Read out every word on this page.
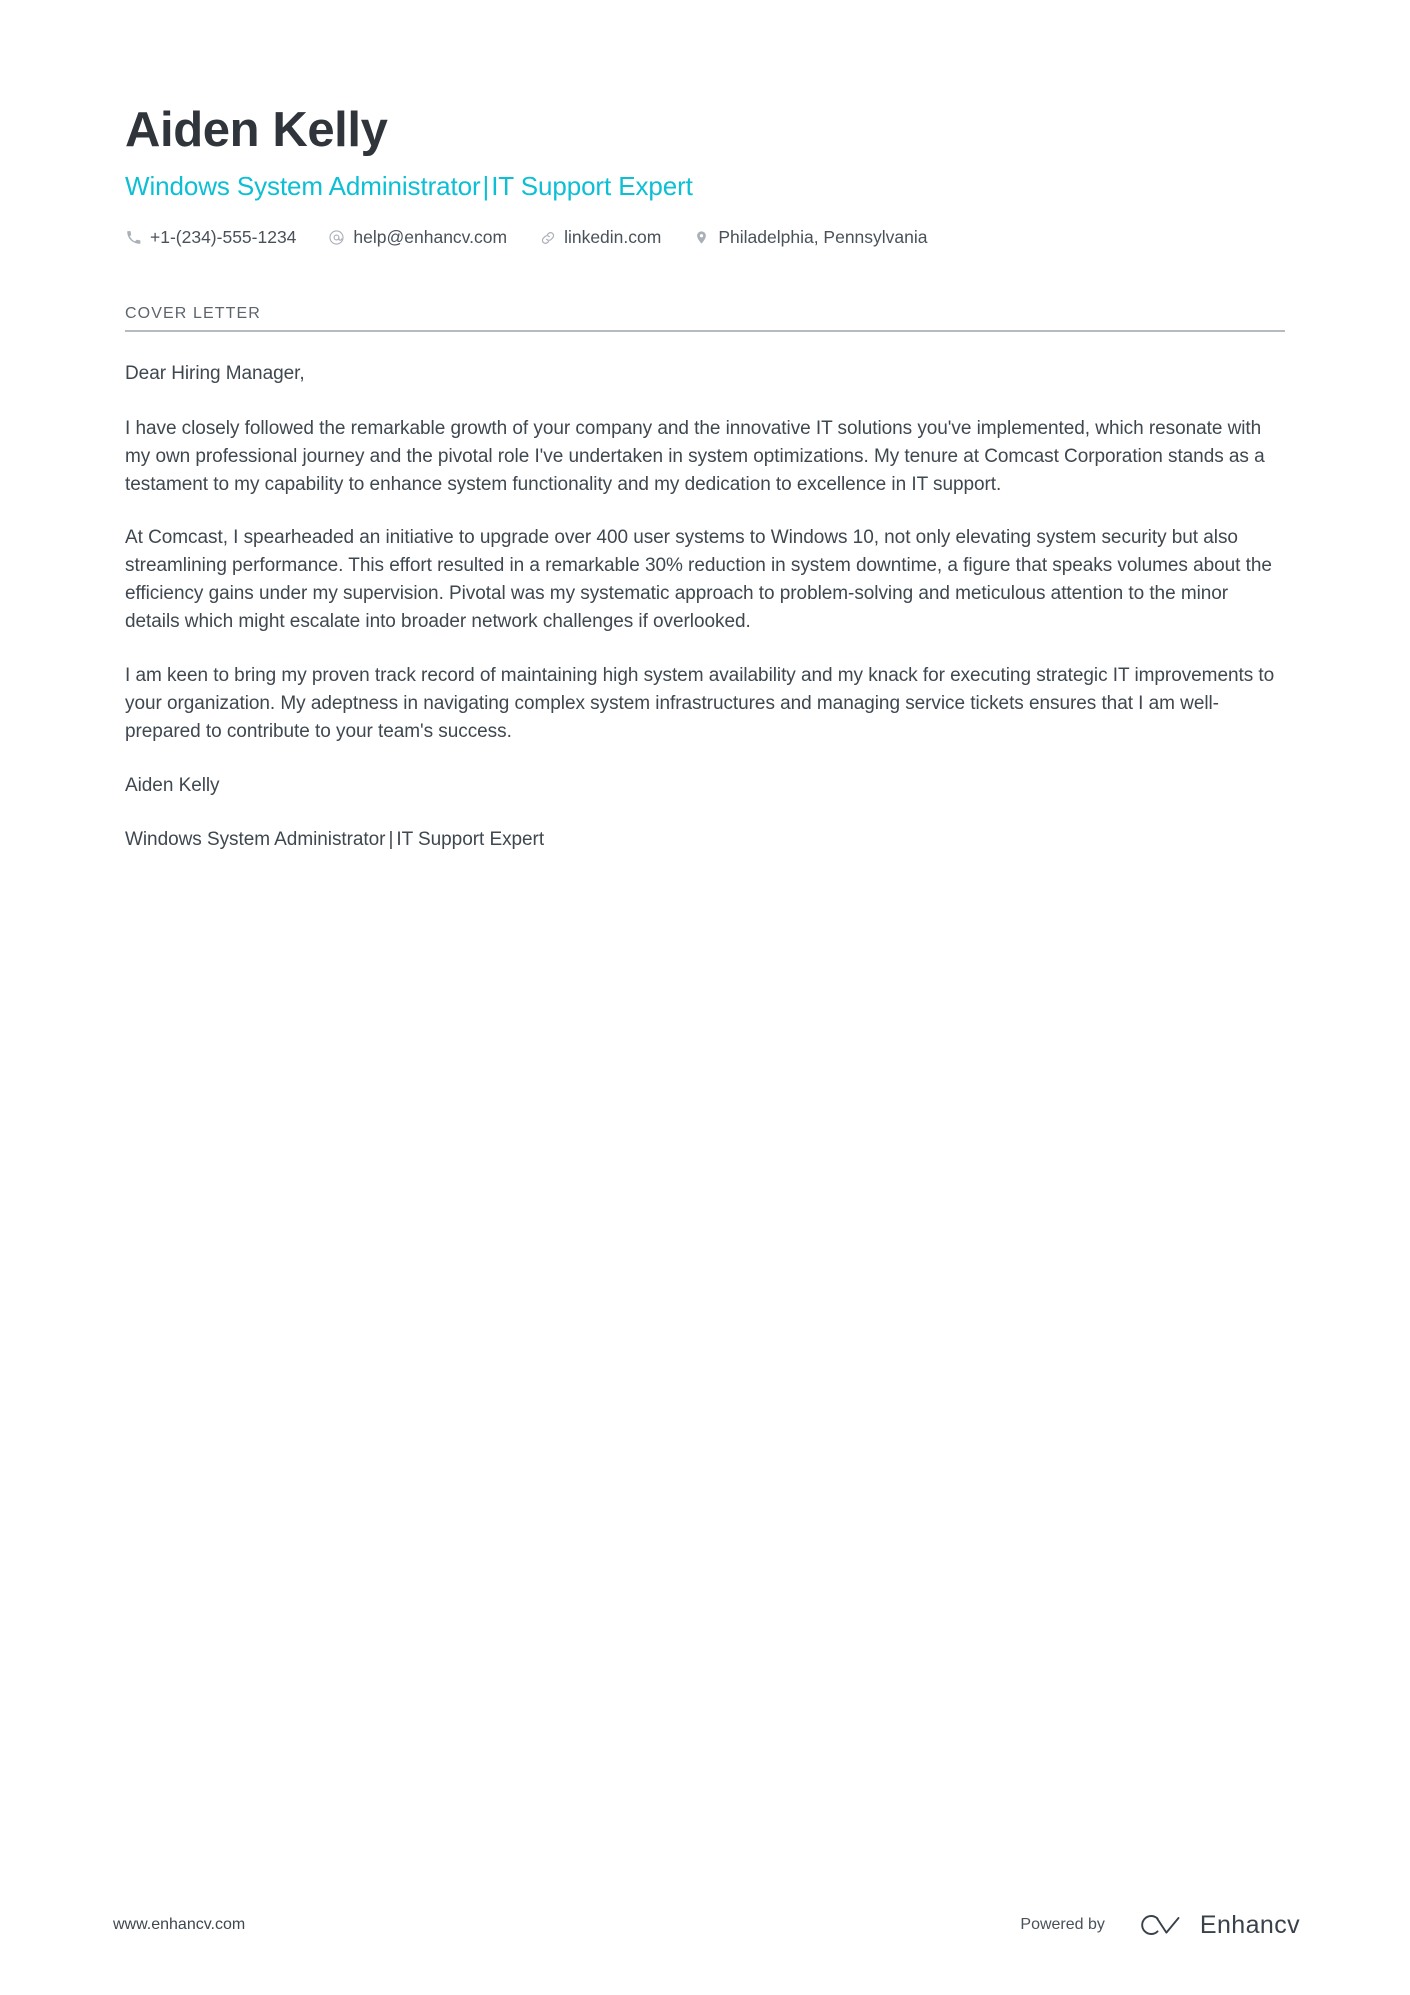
Aiden Kelly
Windows System Administrator|IT Support Expert
+1-(234)-555-1234	help@enhancv.com	linkedin.com	Philadelphia, Pennsylvania
COVER LETTER

Dear Hiring Manager,

I have closely followed the remarkable growth of your company and the innovative IT solutions you've implemented, which resonate with my own professional journey and the pivotal role I've undertaken in system optimizations. My tenure at Comcast Corporation stands as a testament to my capability to enhance system functionality and my dedication to excellence in IT support.

At Comcast, I spearheaded an initiative to upgrade over 400 user systems to Windows 10, not only elevating system security but also streamlining performance. This effort resulted in a remarkable 30% reduction in system downtime, a figure that speaks volumes about the efficiency gains under my supervision. Pivotal was my systematic approach to problem-solving and meticulous attention to the minor details which might escalate into broader network challenges if overlooked.

I am keen to bring my proven track record of maintaining high system availability and my knack for executing strategic IT improvements to your organization. My adeptness in navigating complex system infrastructures and managing service tickets ensures that I am well-prepared to contribute to your team's success.

Aiden Kelly

Windows System Administrator | IT Support Expert

www.enhancv.com	Powered by	Enhancv
